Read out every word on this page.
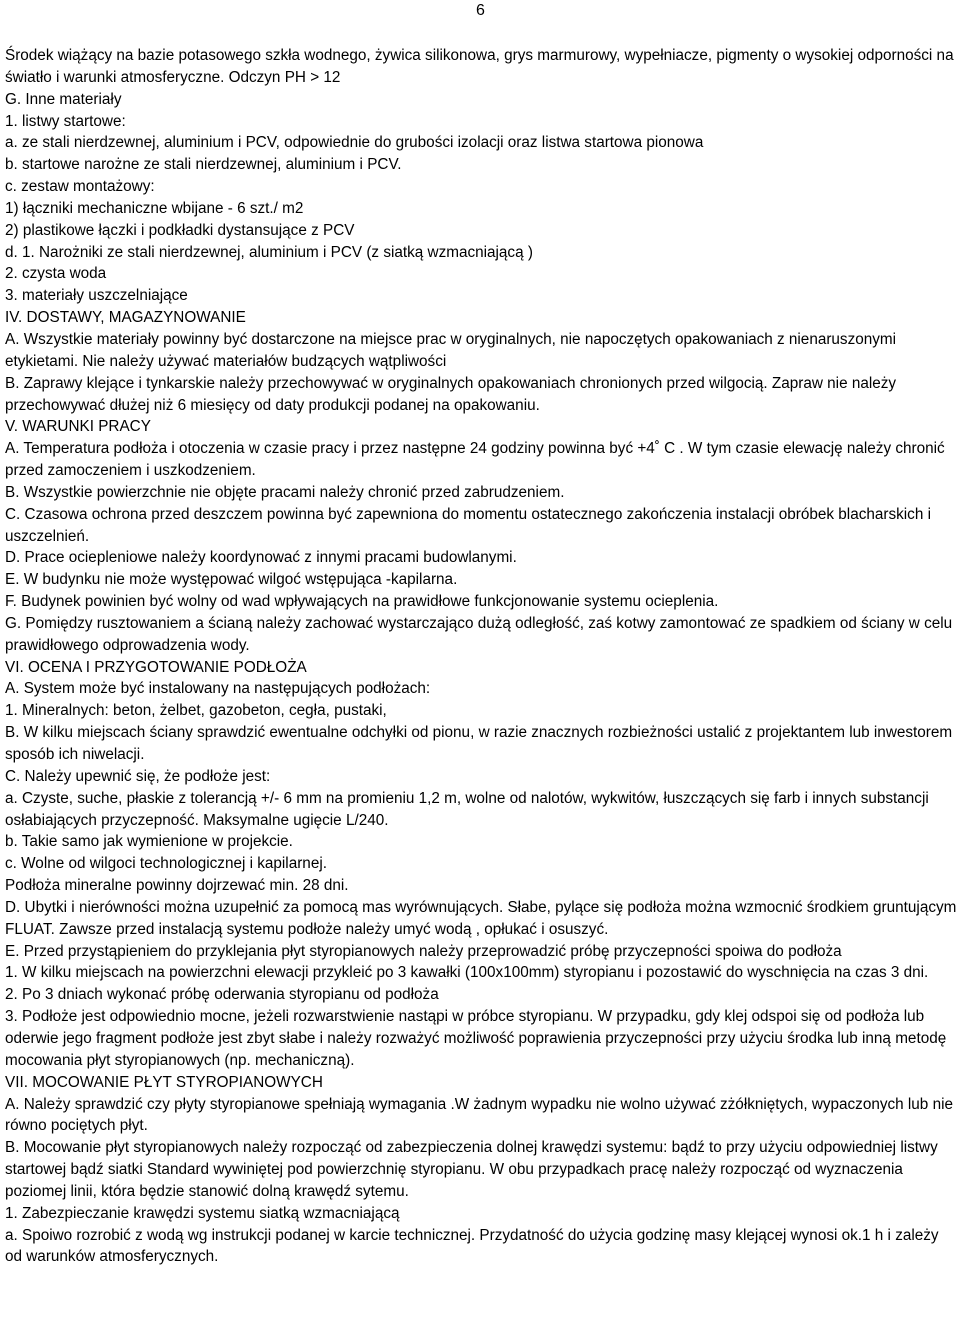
6

Środek wiążący na bazie potasowego szkła wodnego, żywica silikonowa, grys marmurowy, wypełniacze, pigmenty o wysokiej odporności na światło i warunki atmosferyczne. Odczyn PH > 12

G. Inne materiały

1. listwy startowe:

a. ze stali nierdzewnej, aluminium i PCV, odpowiednie do grubości izolacji oraz listwa startowa pionowa

b. startowe narożne ze stali nierdzewnej, aluminium i PCV.

c. zestaw montażowy:

1) łączniki mechaniczne wbijane - 6 szt./ m2

2) plastikowe łączki i podkładki dystansujące z PCV

d. 1. Narożniki ze stali nierdzewnej, aluminium i PCV (z siatką wzmacniającą )

2. czysta woda

3. materiały uszczelniające

IV. DOSTAWY, MAGAZYNOWANIE

A. Wszystkie materiały powinny być dostarczone na miejsce prac w oryginalnych, nie napoczętych opakowaniach z nienaruszonymi etykietami. Nie należy używać materiałów budzących wątpliwości

B. Zaprawy klejące i tynkarskie należy przechowywać w oryginalnych opakowaniach chronionych przed wilgocią. Zapraw nie należy przechowywać dłużej niż 6 miesięcy od daty produkcji podanej na opakowaniu.

V. WARUNKI PRACY

A. Temperatura podłoża i otoczenia w czasie pracy i przez następne 24 godziny powinna być +4˚ C . W tym czasie elewację należy chronić przed zamoczeniem i uszkodzeniem.

B. Wszystkie powierzchnie nie objęte pracami należy chronić przed zabrudzeniem.

C. Czasowa ochrona przed deszczem powinna być zapewniona do momentu ostatecznego zakończenia instalacji obróbek blacharskich i uszczelnień.

D. Prace ociepleniowe należy koordynować z innymi pracami budowlanymi.

E. W budynku nie może występować wilgoć wstępująca -kapilarna.

F. Budynek powinien być wolny od wad wpływających na prawidłowe funkcjonowanie systemu ocieplenia.

G. Pomiędzy rusztowaniem a ścianą należy zachować wystarczająco dużą odległość, zaś kotwy zamontować ze spadkiem od ściany w celu prawidłowego odprowadzenia wody.

VI. OCENA I PRZYGOTOWANIE PODŁOŻA

A. System może być instalowany na następujących podłożach:

1. Mineralnych: beton, żelbet, gazobeton, cegła, pustaki,

B. W kilku miejscach ściany sprawdzić ewentualne odchyłki od pionu, w razie znacznych rozbieżności ustalić z projektantem lub inwestorem sposób ich niwelacji.

C. Należy upewnić się, że podłoże jest:

a. Czyste, suche, płaskie z tolerancją +/- 6 mm na promieniu 1,2 m, wolne od nalotów, wykwitów, łuszczących się farb i innych substancji osłabiających przyczepność. Maksymalne ugięcie L/240.

b. Takie samo jak wymienione w projekcie.

c. Wolne od wilgoci technologicznej i kapilarnej.

Podłoża mineralne powinny dojrzewać min. 28 dni.

D. Ubytki i nierówności można uzupełnić za pomocą mas wyrównujących. Słabe, pylące się podłoża można wzmocnić środkiem gruntującym FLUAT. Zawsze przed instalacją systemu podłoże należy umyć wodą , opłukać i osuszyć.

E. Przed przystąpieniem do przyklejania płyt styropianowych należy przeprowadzić próbę przyczepności spoiwa do podłoża

1. W kilku miejscach na powierzchni elewacji przykleić po 3 kawałki (100x100mm) styropianu i pozostawić do wyschnięcia na czas 3 dni.

2. Po 3 dniach wykonać próbę oderwania styropianu od podłoża

3. Podłoże jest odpowiednio mocne, jeżeli rozwarstwienie nastąpi w próbce styropianu. W przypadku, gdy klej odspoi się od podłoża lub oderwie jego fragment podłoże jest zbyt słabe i należy rozważyć możliwość poprawienia przyczepności przy użyciu środka lub inną metodę mocowania płyt styropianowych (np. mechaniczną).

VII. MOCOWANIE PŁYT STYROPIANOWYCH

A. Należy sprawdzić czy płyty styropianowe spełniają wymagania .W żadnym wypadku nie wolno używać zżółkniętych, wypaczonych lub nie równo pociętych płyt.

B. Mocowanie płyt styropianowych należy rozpocząć od zabezpieczenia dolnej krawędzi systemu: bądź to przy użyciu odpowiedniej listwy startowej bądź siatki Standard wywiniętej pod powierzchnię styropianu. W obu przypadkach pracę należy rozpocząć od wyznaczenia poziomej linii, która będzie stanowić dolną krawędź sytemu.

1. Zabezpieczanie krawędzi systemu siatką wzmacniającą

a. Spoiwo rozrobić z wodą wg instrukcji podanej w karcie technicznej. Przydatność do użycia godzinę masy klejącej wynosi ok.1 h i zależy od warunków atmosferycznych.
